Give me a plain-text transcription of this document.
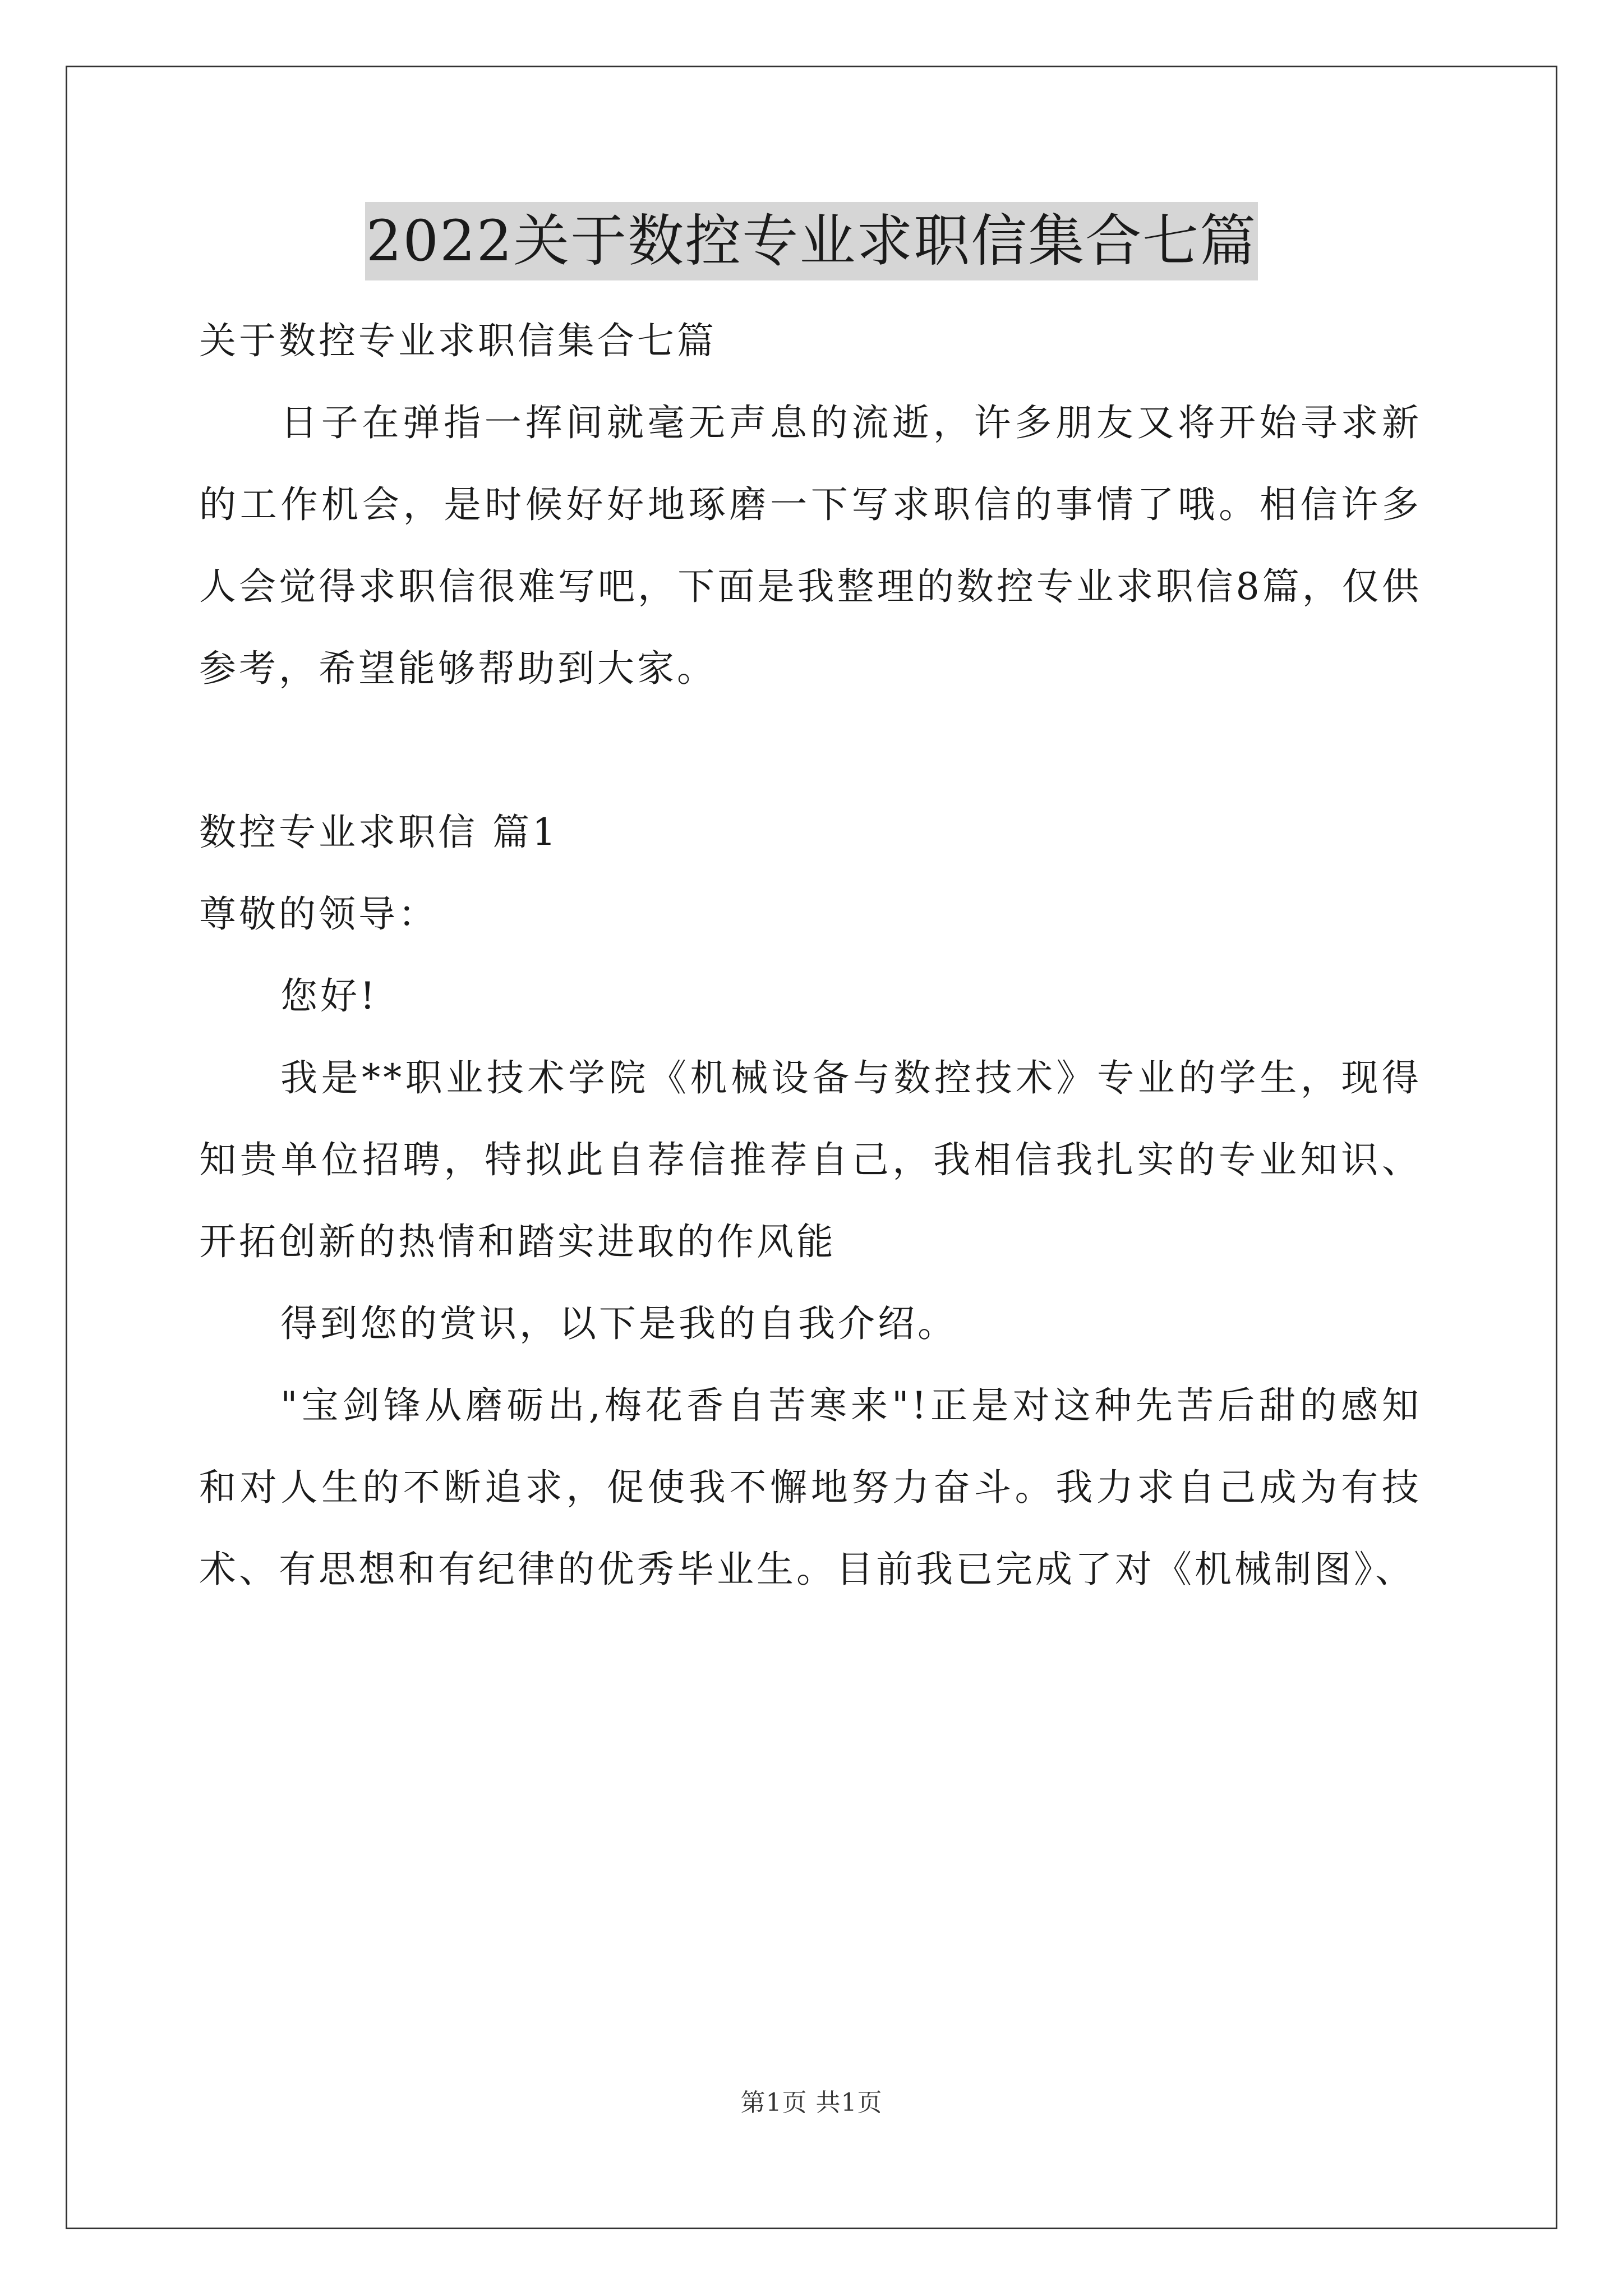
2022关于数控专业求职信集合七篇

关于数控专业求职信集合七篇

日子在弹指一挥间就毫无声息的流逝，许多朋友又将开始寻求新的工作机会，是时候好好地琢磨一下写求职信的事情了哦。相信许多人会觉得求职信很难写吧，下面是我整理的数控专业求职信8篇，仅供参考，希望能够帮助到大家。

数控专业求职信 篇1

尊敬的领导：

您好!

我是**职业技术学院《机械设备与数控技术》专业的学生，现得知贵单位招聘，特拟此自荐信推荐自己，我相信我扎实的专业知识、开拓创新的热情和踏实进取的作风能

得到您的赏识，以下是我的自我介绍。

"宝剑锋从磨砺出,梅花香自苦寒来"!正是对这种先苦后甜的感知和对人生的不断追求，促使我不懈地努力奋斗。我力求自己成为有技术、有思想和有纪律的优秀毕业生。目前我已完成了对《机械制图》、

第1页 共1页
